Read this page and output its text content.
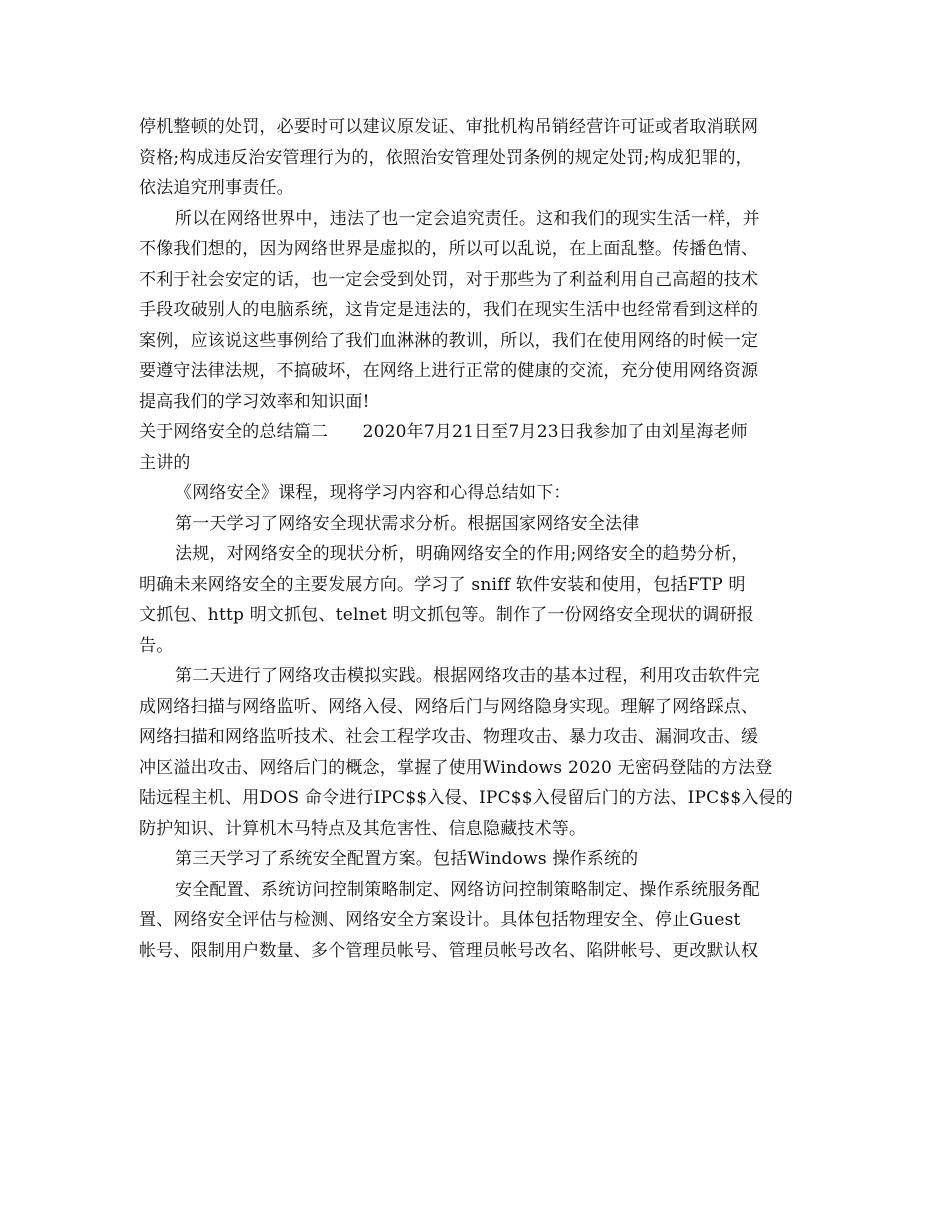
停机整顿的处罚，必要时可以建议原发证、审批机构吊销经营许可证或者取消联网
资格;构成违反治安管理行为的，依照治安管理处罚条例的规定处罚;构成犯罪的，
依法追究刑事责任。
所以在网络世界中，违法了也一定会追究责任。这和我们的现实生活一样，并
不像我们想的，因为网络世界是虚拟的，所以可以乱说，在上面乱整。传播色情、
不利于社会安定的话，也一定会受到处罚，对于那些为了利益利用自己高超的技术
手段攻破别人的电脑系统，这肯定是违法的，我们在现实生活中也经常看到这样的
案例，应该说这些事例给了我们血淋淋的教训，所以，我们在使用网络的时候一定
要遵守法律法规，不搞破坏，在网络上进行正常的健康的交流，充分使用网络资源
提高我们的学习效率和知识面!
关于网络安全的总结篇二　　2020年7月21日至7月23日我参加了由刘星海老师
主讲的
《网络安全》课程，现将学习内容和心得总结如下：
第一天学习了网络安全现状需求分析。根据国家网络安全法律
法规，对网络安全的现状分析，明确网络安全的作用;网络安全的趋势分析，
明确未来网络安全的主要发展方向。学习了 sniff 软件安装和使用，包括FTP 明
文抓包、http 明文抓包、telnet 明文抓包等。制作了一份网络安全现状的调研报
告。
第二天进行了网络攻击模拟实践。根据网络攻击的基本过程，利用攻击软件完
成网络扫描与网络监听、网络入侵、网络后门与网络隐身实现。理解了网络踩点、
网络扫描和网络监听技术、社会工程学攻击、物理攻击、暴力攻击、漏洞攻击、缓
冲区溢出攻击、网络后门的概念，掌握了使用Windows 2020 无密码登陆的方法登
陆远程主机、用DOS 命令进行IPC$$入侵、IPC$$入侵留后门的方法、IPC$$入侵的
防护知识、计算机木马特点及其危害性、信息隐藏技术等。
第三天学习了系统安全配置方案。包括Windows 操作系统的
安全配置、系统访问控制策略制定、网络访问控制策略制定、操作系统服务配
置、网络安全评估与检测、网络安全方案设计。具体包括物理安全、停止Guest
帐号、限制用户数量、多个管理员帐号、管理员帐号改名、陷阱帐号、更改默认权
